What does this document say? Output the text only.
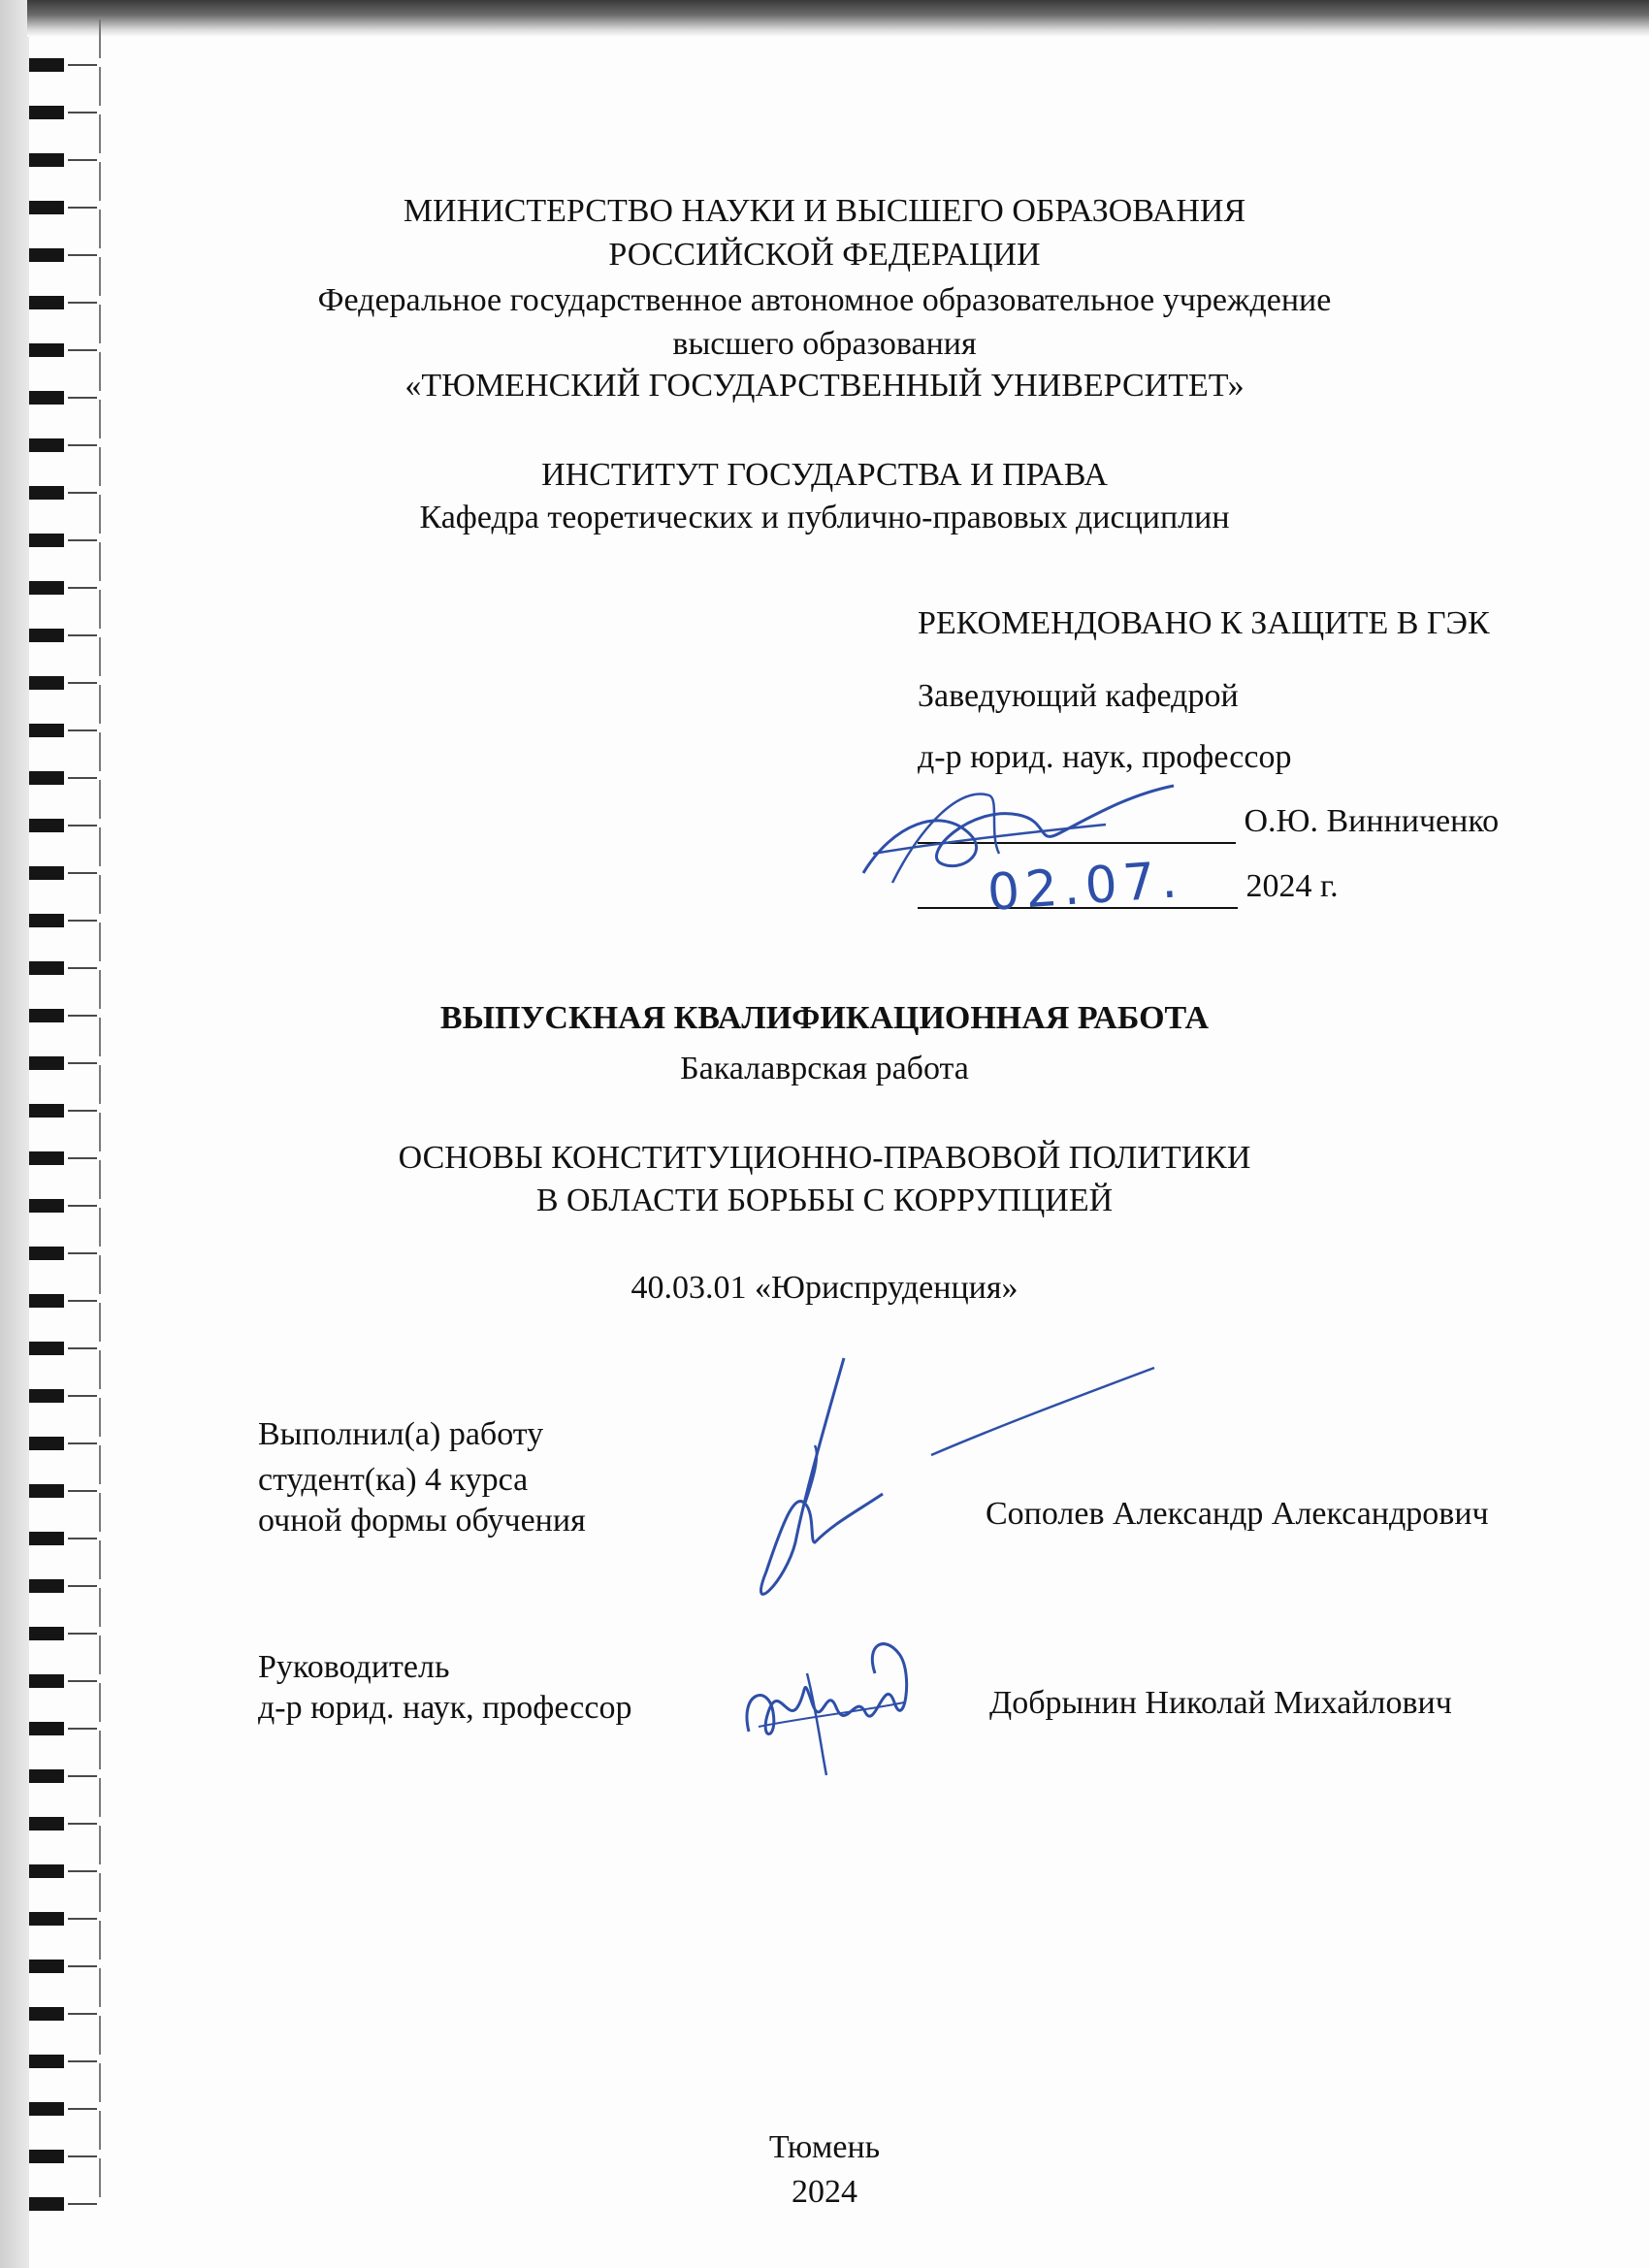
МИНИСТЕРСТВО НАУКИ И ВЫСШЕГО ОБРАЗОВАНИЯ
РОССИЙСКОЙ ФЕДЕРАЦИИ
Федеральное государственное автономное образовательное учреждение
высшего образования
«ТЮМЕНСКИЙ ГОСУДАРСТВЕННЫЙ УНИВЕРСИТЕТ»
ИНСТИТУТ ГОСУДАРСТВА И ПРАВА
Кафедра теоретических и публично-правовых дисциплин
РЕКОМЕНДОВАНО К ЗАЩИТЕ В ГЭК
Заведующий кафедрой
д-р юрид. наук, профессор
О.Ю. Винниченко
2024 г.
02.07.
ВЫПУСКНАЯ КВАЛИФИКАЦИОННАЯ РАБОТА
Бакалаврская работа
ОСНОВЫ КОНСТИТУЦИОННО-ПРАВОВОЙ ПОЛИТИКИ
В ОБЛАСТИ БОРЬБЫ С КОРРУПЦИЕЙ
40.03.01 «Юриспруденция»
Выполнил(а) работу
студент(ка) 4 курса
очной формы обучения	Сополев Александр Александрович
Руководитель
д-р юрид. наук, профессор	Добрынин Николай Михайлович
Тюмень
2024
